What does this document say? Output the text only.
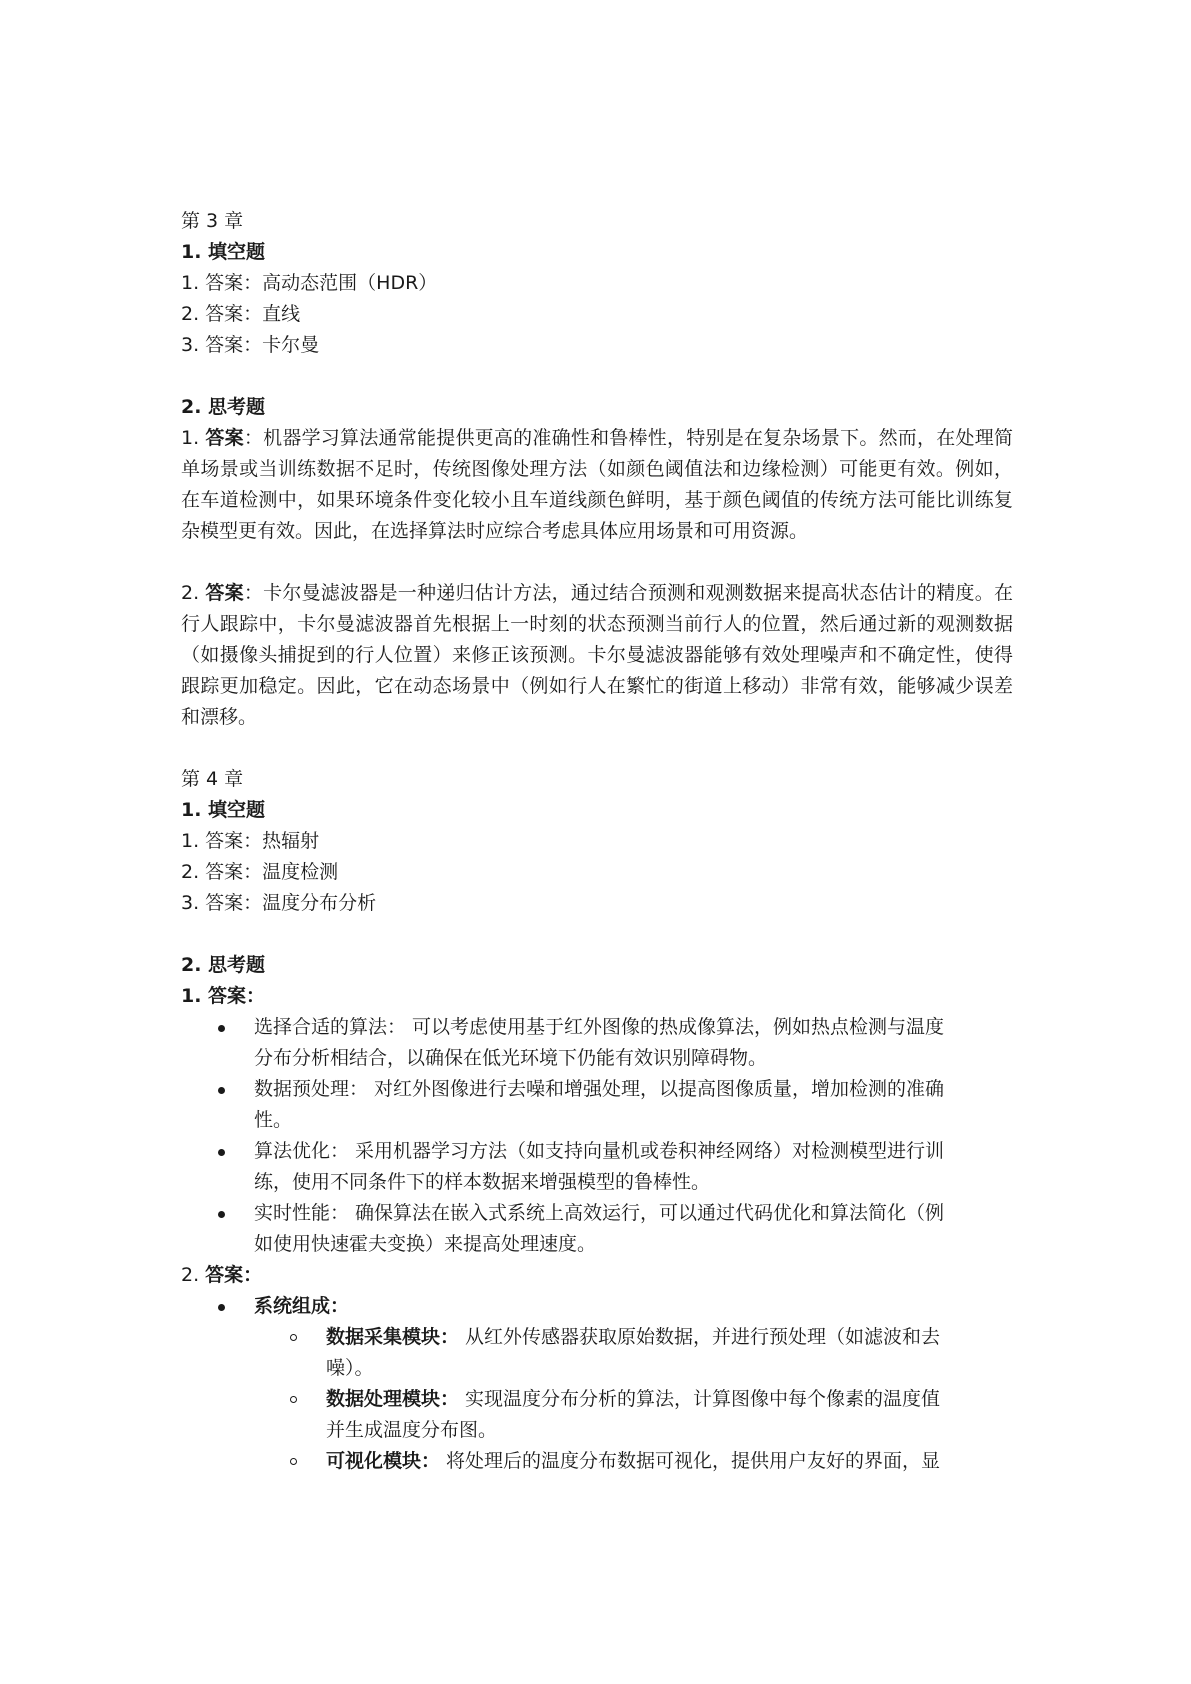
第 3 章

1. 填空题

1. 答案：高动态范围（HDR）

2. 答案：直线

3. 答案：卡尔曼

2. 思考题

1. 答案：机器学习算法通常能提供更高的准确性和鲁棒性，特别是在复杂场景下。然而，在处理简单场景或当训练数据不足时，传统图像处理方法（如颜色阈值法和边缘检测）可能更有效。例如，在车道检测中，如果环境条件变化较小且车道线颜色鲜明，基于颜色阈值的传统方法可能比训练复杂模型更有效。因此，在选择算法时应综合考虑具体应用场景和可用资源。

2. 答案：卡尔曼滤波器是一种递归估计方法，通过结合预测和观测数据来提高状态估计的精度。在行人跟踪中，卡尔曼滤波器首先根据上一时刻的状态预测当前行人的位置，然后通过新的观测数据（如摄像头捕捉到的行人位置）来修正该预测。卡尔曼滤波器能够有效处理噪声和不确定性，使得跟踪更加稳定。因此，它在动态场景中（例如行人在繁忙的街道上移动）非常有效，能够减少误差和漂移。

第 4 章

1. 填空题

1. 答案：热辐射

2. 答案：温度检测

3. 答案：温度分布分析

2. 思考题

1. 答案：

选择合适的算法： 可以考虑使用基于红外图像的热成像算法，例如热点检测与温度

分布分析相结合，以确保在低光环境下仍能有效识别障碍物。

数据预处理： 对红外图像进行去噪和增强处理，以提高图像质量，增加检测的准确

性。

算法优化： 采用机器学习方法（如支持向量机或卷积神经网络）对检测模型进行训

练，使用不同条件下的样本数据来增强模型的鲁棒性。

实时性能： 确保算法在嵌入式系统上高效运行，可以通过代码优化和算法简化（例

如使用快速霍夫变换）来提高处理速度。

2. 答案：

系统组成：

数据采集模块： 从红外传感器获取原始数据，并进行预处理（如滤波和去

噪）。

数据处理模块： 实现温度分布分析的算法，计算图像中每个像素的温度值

并生成温度分布图。

可视化模块： 将处理后的温度分布数据可视化，提供用户友好的界面，显
